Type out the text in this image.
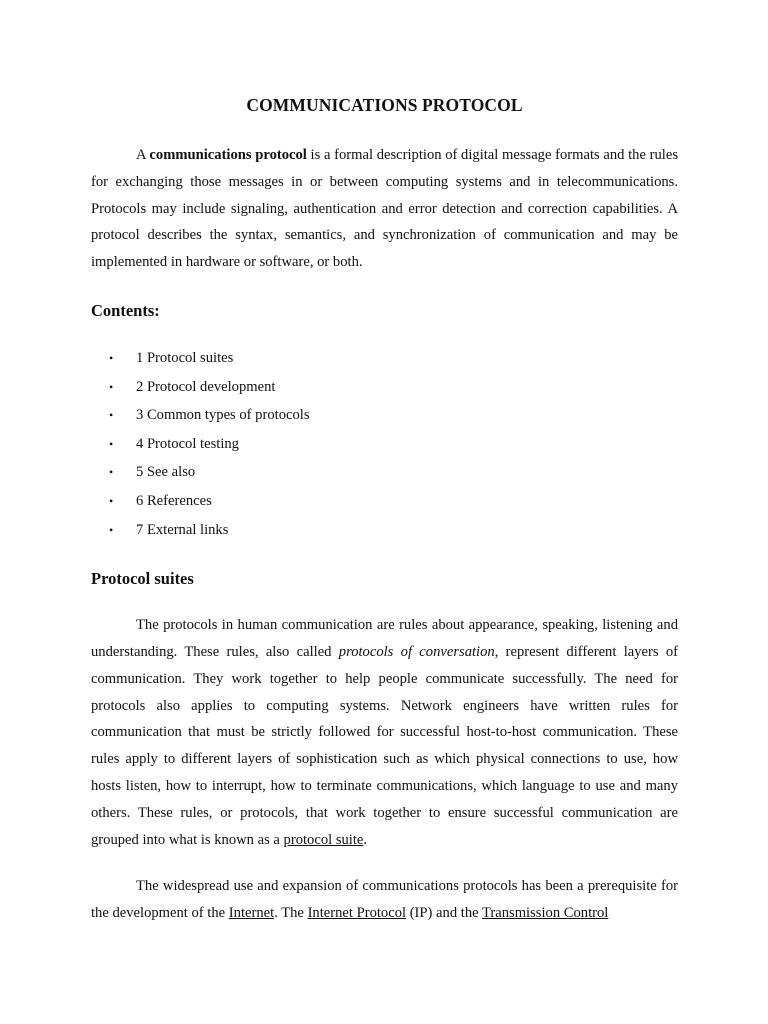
COMMUNICATIONS PROTOCOL

A communications protocol is a formal description of digital message formats and the rules for exchanging those messages in or between computing systems and in telecommunications. Protocols may include signaling, authentication and error detection and correction capabilities. A protocol describes the syntax, semantics, and synchronization of communication and may be implemented in hardware or software, or both.

Contents:
• 1 Protocol suites
• 2 Protocol development
• 3 Common types of protocols
• 4 Protocol testing
• 5 See also
• 6 References
• 7 External links
Protocol suites

The protocols in human communication are rules about appearance, speaking, listening and understanding. These rules, also called protocols of conversation, represent different layers of communication. They work together to help people communicate successfully. The need for protocols also applies to computing systems. Network engineers have written rules for communication that must be strictly followed for successful host-to-host communication. These rules apply to different layers of sophistication such as which physical connections to use, how hosts listen, how to interrupt, how to terminate communications, which language to use and many others. These rules, or protocols, that work together to ensure successful communication are grouped into what is known as a protocol suite.

The widespread use and expansion of communications protocols has been a prerequisite for the development of the Internet. The Internet Protocol (IP) and the Transmission Control
